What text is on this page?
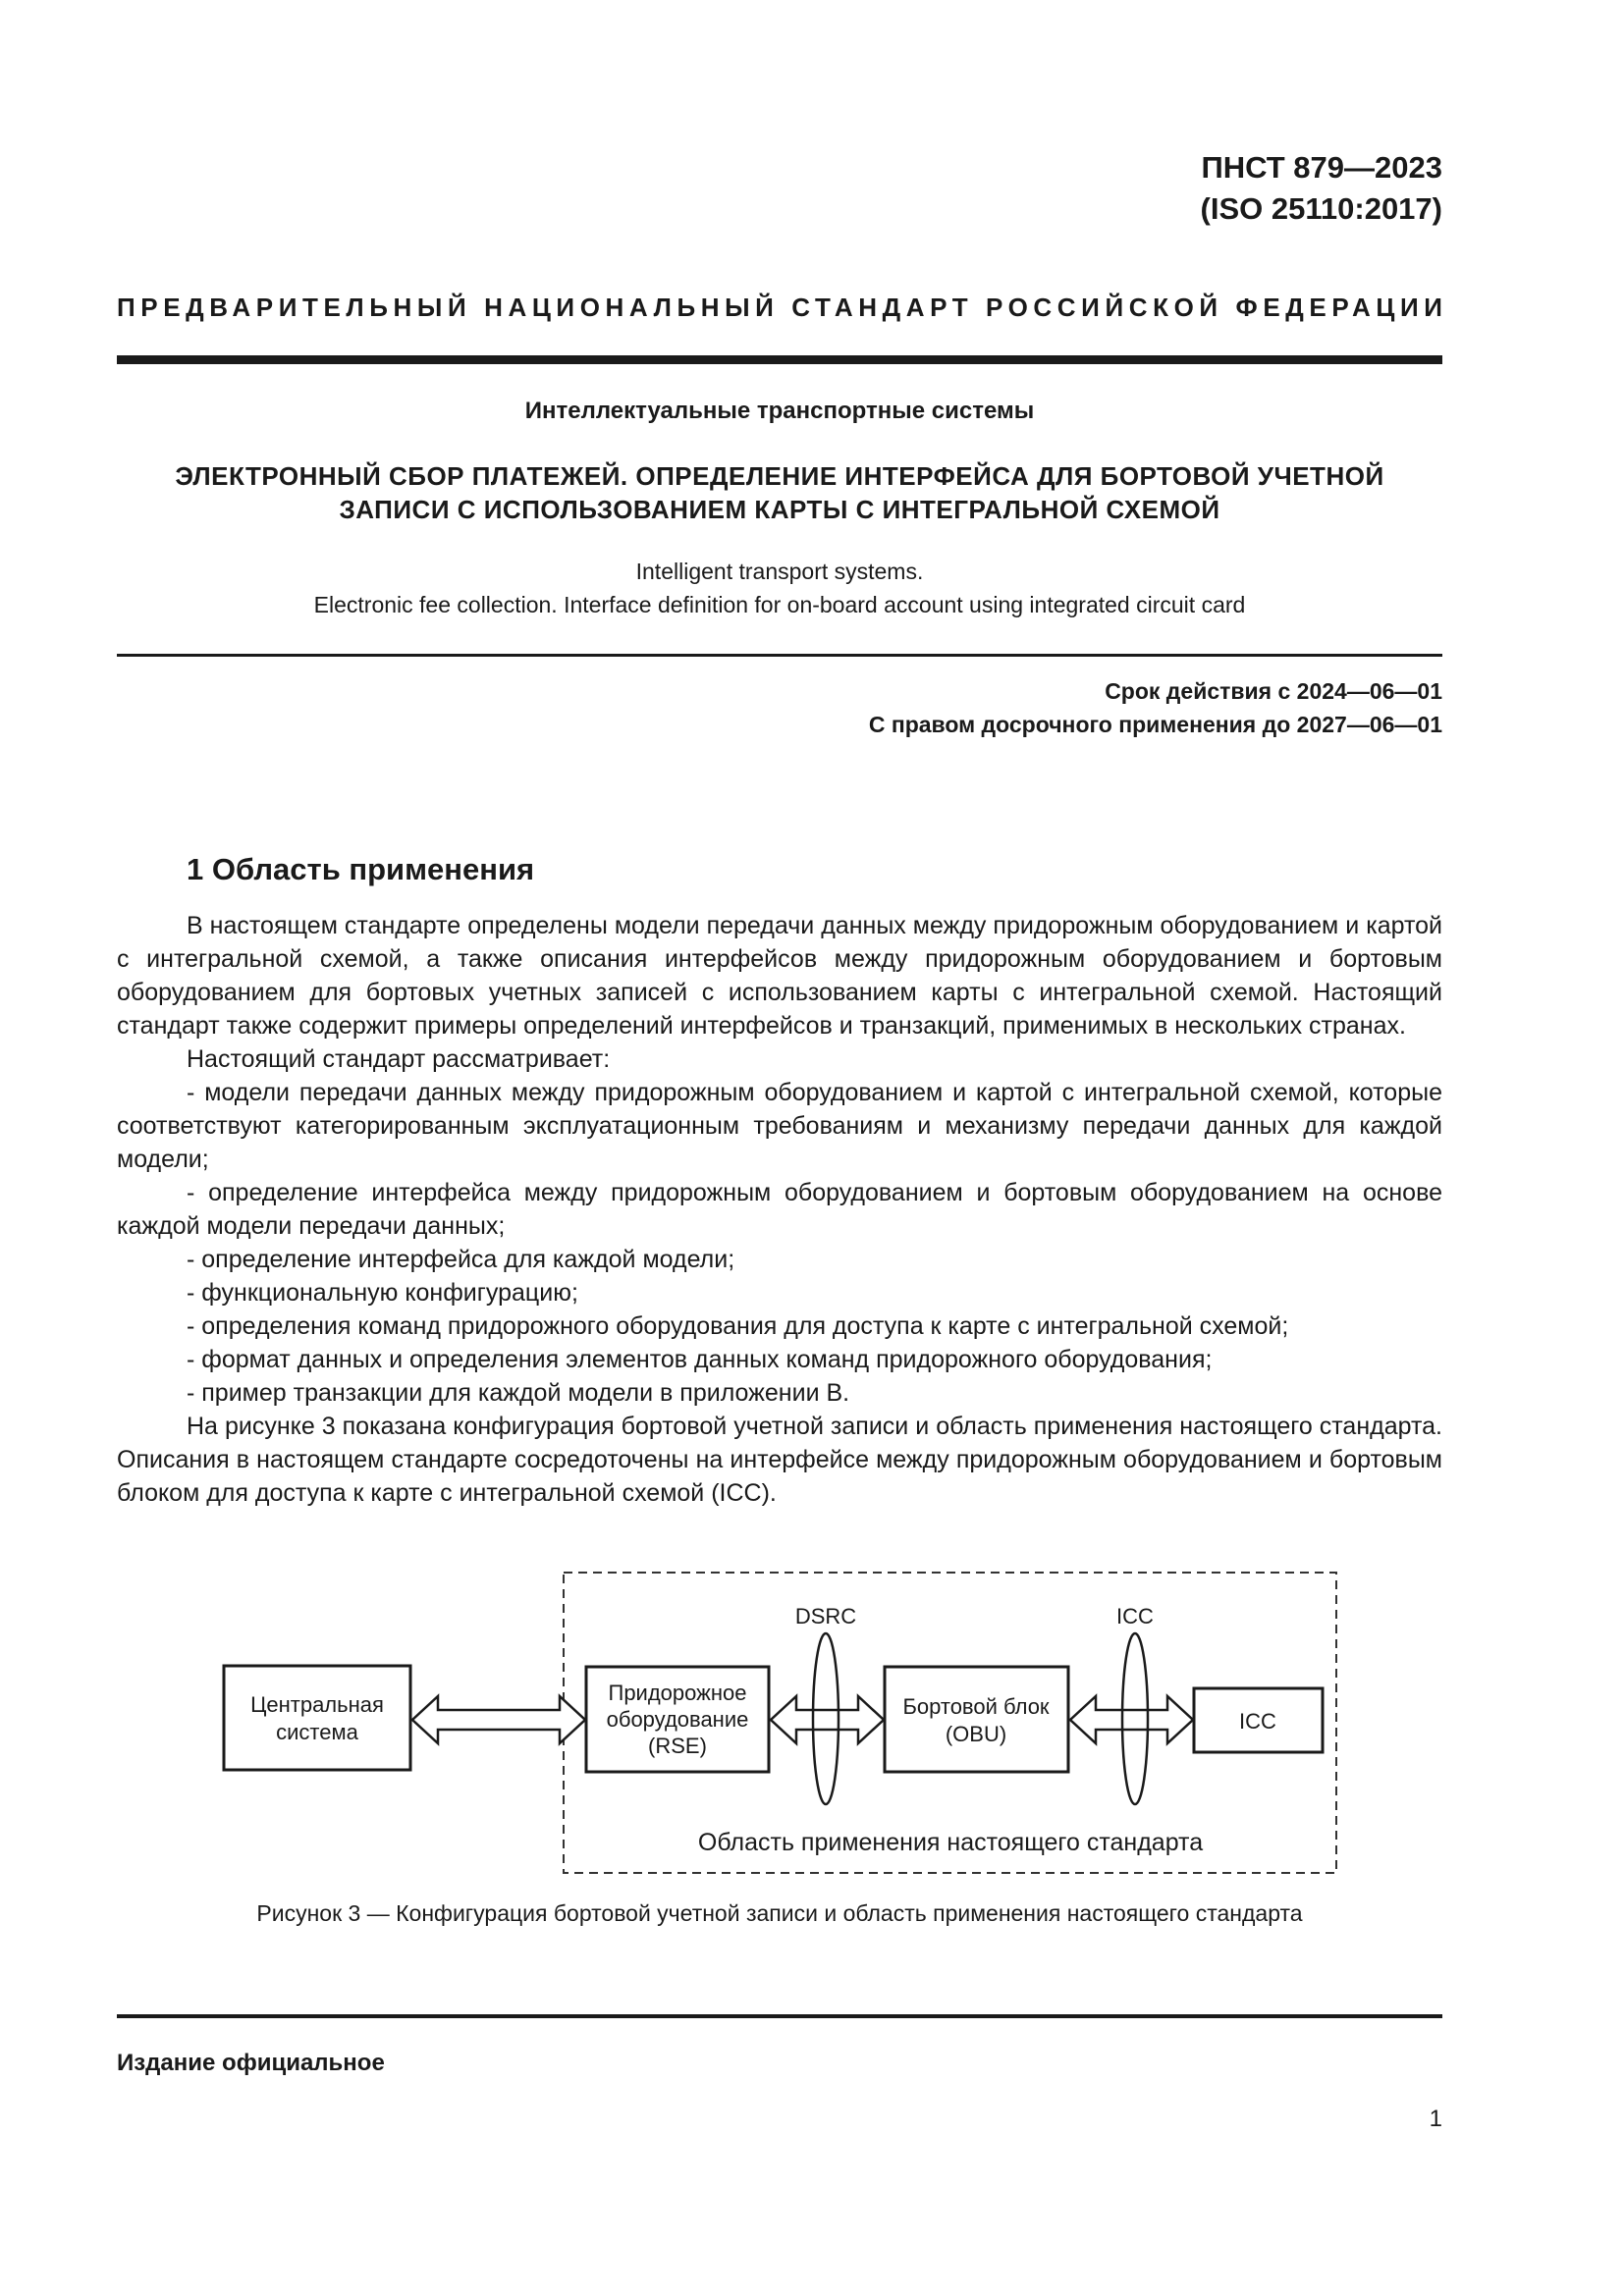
ПНСТ 879—2023
(ISO 25110:2017)
ПРЕДВАРИТЕЛЬНЫЙ НАЦИОНАЛЬНЫЙ СТАНДАРТ РОССИЙСКОЙ ФЕДЕРАЦИИ
Интеллектуальные транспортные системы
ЭЛЕКТРОННЫЙ СБОР ПЛАТЕЖЕЙ. ОПРЕДЕЛЕНИЕ ИНТЕРФЕЙСА ДЛЯ БОРТОВОЙ УЧЕТНОЙ
ЗАПИСИ С ИСПОЛЬЗОВАНИЕМ КАРТЫ С ИНТЕГРАЛЬНОЙ СХЕМОЙ
Intelligent transport systems.
Electronic fee collection. Interface definition for on-board account using integrated circuit card
Срок действия с 2024—06—01
С правом досрочного применения до 2027—06—01
1 Область применения

В настоящем стандарте определены модели передачи данных между придорожным оборудованием и картой с интегральной схемой, а также описания интерфейсов между придорожным оборудованием и бортовым оборудованием для бортовых учетных записей с использованием карты с интегральной схемой. Настоящий стандарт также содержит примеры определений интерфейсов и транзакций, применимых в нескольких странах.

Настоящий стандарт рассматривает:

- модели передачи данных между придорожным оборудованием и картой с интегральной схемой, которые соответствуют категорированным эксплуатационным требованиям и механизму передачи данных для каждой модели;

- определение интерфейса между придорожным оборудованием и бортовым оборудованием на основе каждой модели передачи данных;

- определение интерфейса для каждой модели;

- функциональную конфигурацию;

- определения команд придорожного оборудования для доступа к карте с интегральной схемой;

- формат данных и определения элементов данных команд придорожного оборудования;

- пример транзакции для каждой модели в приложении В.

На рисунке 3 показана конфигурация бортовой учетной записи и область применения настоящего стандарта. Описания в настоящем стандарте сосредоточены на интерфейсе между придорожным оборудованием и бортовым блоком для доступа к карте с интегральной схемой (ICC).

Центральная
система
Придорожное
оборудование
(RSE)
Бортовой блок
(OBU)
ICC
DSRC	ICC
Область применения настоящего стандарта
Рисунок 3 — Конфигурация бортовой учетной записи и область применения настоящего стандарта
Издание официальное
1
